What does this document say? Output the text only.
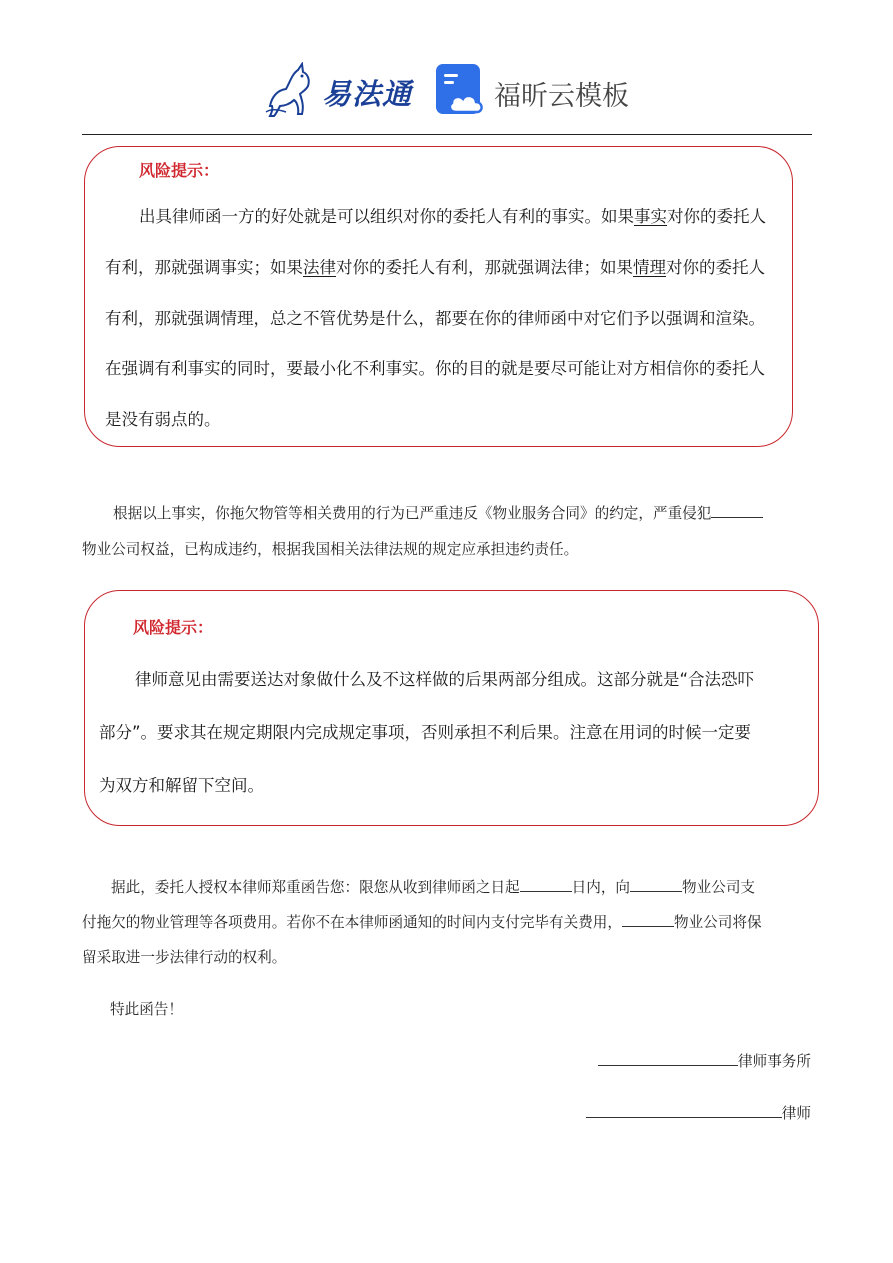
易法通	福昕云模板
风险提示：
出具律师函一方的好处就是可以组织对你的委托人有利的事实。如果事实对你的委托人
有利，那就强调事实；如果法律对你的委托人有利，那就强调法律；如果情理对你的委托人
有利，那就强调情理，总之不管优势是什么，都要在你的律师函中对它们予以强调和渲染。
在强调有利事实的同时，要最小化不利事实。你的目的就是要尽可能让对方相信你的委托人
是没有弱点的。
根据以上事实，你拖欠物管等相关费用的行为已严重违反《物业服务合同》的约定，严重侵犯
物业公司权益，已构成违约，根据我国相关法律法规的规定应承担违约责任。
风险提示：
律师意见由需要送达对象做什么及不这样做的后果两部分组成。这部分就是“合法恐吓
部分”。要求其在规定期限内完成规定事项，否则承担不利后果。注意在用词的时候一定要
为双方和解留下空间。
据此，委托人授权本律师郑重函告您：限您从收到律师函之日起	日内，向	物业公司支
付拖欠的物业管理等各项费用。若你不在本律师函通知的时间内支付完毕有关费用，	物业公司将保
留采取进一步法律行动的权利。
特此函告！
律师事务所
律师
